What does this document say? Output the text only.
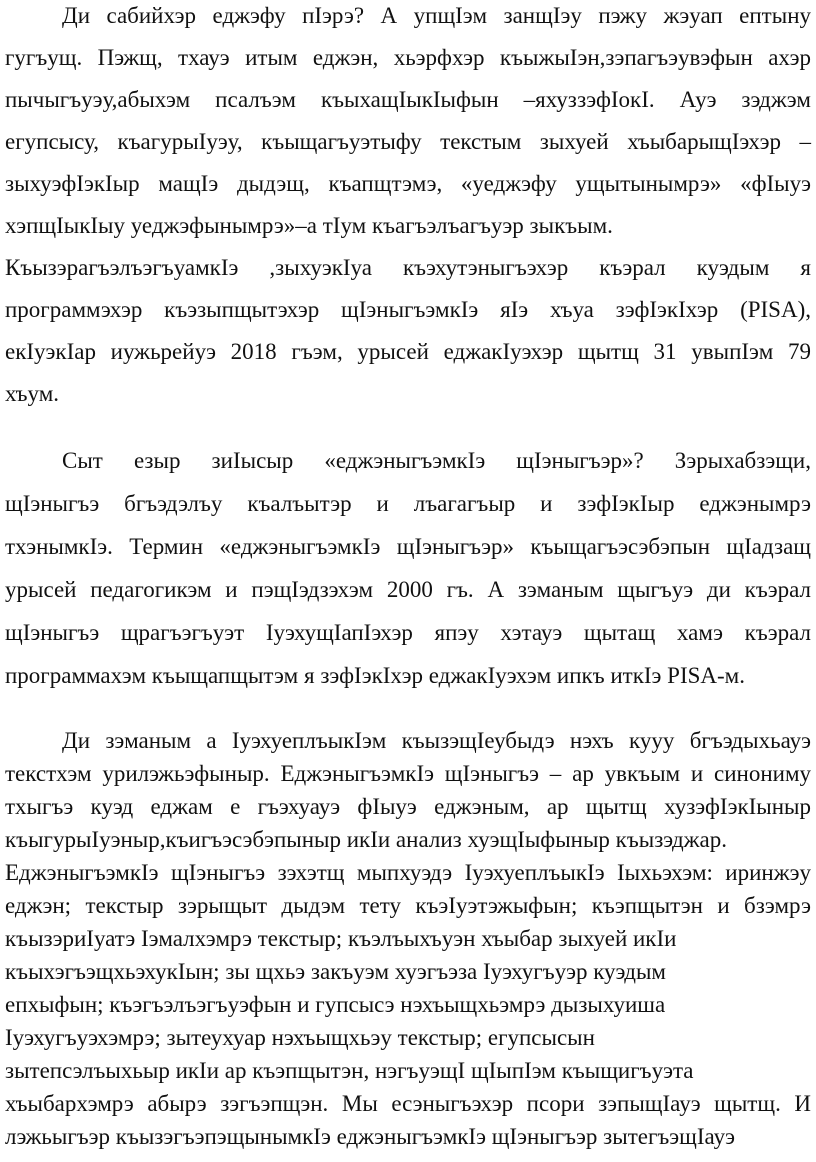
Ди сабийхэр еджэфу пIэрэ? А упщIэм занщIэу пэжу жэуап ептыну
гугъущ. Пэжщ, тхауэ итым еджэн, хьэрфхэр къыжыIэн,зэпагъэувэфын ахэр
пычыгъуэу,абыхэм псалъэм къыхащIыкIыфын –яхуззэфIокI. Ауэ зэджэм
егупсысу, къагурыIуэу, къыщагъуэтыфу текстым зыхуей хъыбарыщIэхэр –
зыхуэфIэкIыр мащIэ дыдэщ, къапщтэмэ, «уеджэфу ущытынымрэ» «фIыуэ
хэпщIыкIыу уеджэфынымрэ»–а тIум къагъэлъагъуэр зыкъым.
КъызэрагъэлъэгъуамкIэ ,зыхуэкIуа къэхутэныгъэхэр къэрал куэдым я
программэхэр къэзыпщытэхэр щIэныгъэмкIэ яIэ хъуа зэфIэкIхэр (PISA),
екIуэкIар иужьрейуэ 2018 гъэм, урысей еджакIуэхэр щытщ 31 увыпIэм 79
хъум.
Сыт езыр зиIысыр «еджэныгъэмкIэ щIэныгъэр»? Зэрыхабзэщи,
щIэныгъэ бгъэдэлъу къалъытэр и лъагагъыр и зэфIэкIыр еджэнымрэ
тхэнымкIэ. Термин «еджэныгъэмкIэ щIэныгъэр» къыщагъэсэбэпын щIадзащ
урысей педагогикэм и пэщIэдзэхэм 2000 гъ. А зэманым щыгъуэ ди къэрал
щIэныгъэ щрагъэгъуэт IуэхущIапIэхэр япэу хэтауэ щытащ хамэ къэрал
программахэм къыщапщытэм я зэфIэкIхэр еджакIуэхэм ипкъ иткIэ PISA-м.
Ди зэманым а IуэхуеплъыкIэм къызэщIеубыдэ нэхъ кууу бгъэдыхьауэ
текстхэм урилэжьэфыныр. ЕджэныгъэмкIэ щIэныгъэ – ар увкъым и синониму
тхыгъэ куэд еджам е гъэхуауэ фIыуэ еджэным, ар щытщ хузэфIэкIыныр
къыгурыIуэныр,къигъэсэбэпыныр икIи анализ хуэщIыфыныр къызэджар.
ЕджэныгъэмкIэ щIэныгъэ зэхэтщ мыпхуэдэ IуэхуеплъыкIэ Iыхьэхэм: иринжэу
еджэн; текстыр зэрыщыт дыдэм тету къэIуэтэжыфын; къэпщытэн и бзэмрэ
къызэриIуатэ Iэмалхэмрэ текстыр; къэлъыхъуэн хъыбар зыхуей икIи
къыхэгъэщхьэхукIын; зы щхьэ закъуэм хуэгъэза Iуэхугъуэр куэдым
епхыфын; къэгъэлъэгъуэфын и гупсысэ нэхъыщхьэмрэ дызыхуиша
Iуэхугъуэхэмрэ; зытеухуар нэхъыщхьэу текстыр; егупсысын
зытепсэлъыхьыр икIи ар къэпщытэн, нэгъуэщI щIыпIэм къыщигъуэта
хъыбархэмрэ абырэ зэгъэпщэн. Мы есэныгъэхэр псори зэпыщIауэ щытщ. И
лэжьыгъэр къызэгъэпэщынымкIэ еджэныгъэмкIэ щIэныгъэр зытегъэщIауэ
